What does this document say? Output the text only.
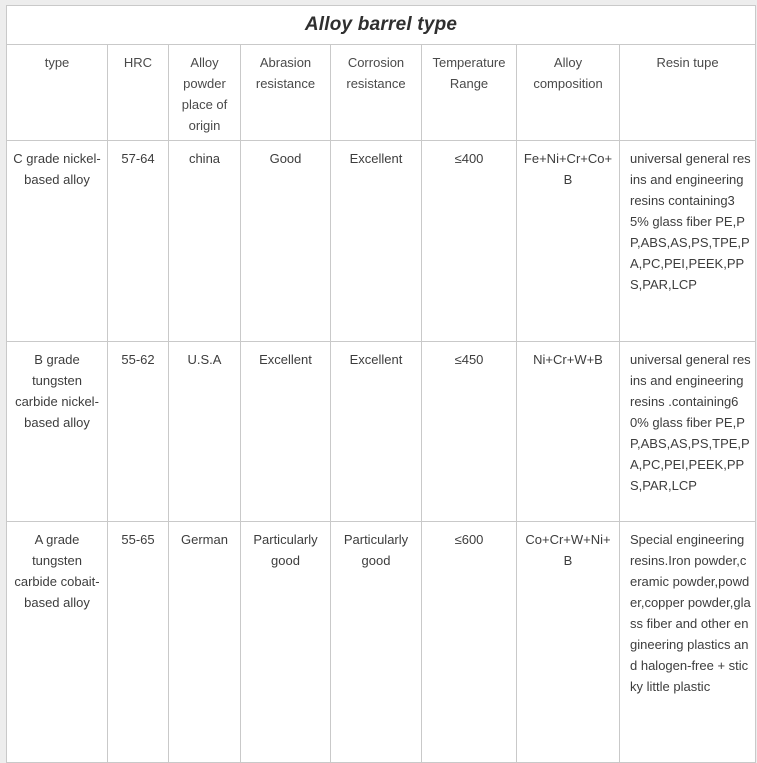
Alloy barrel type							
type	HRC	Alloy powder place of origin	Abrasion resistance	Corrosion resistance	Temperature Range	Alloy composition	Resin tupe
C grade nickel-based alloy	57-64	china	Good	Excellent	≤400	Fe+Ni+Cr+Co+B	universal general resins and engineering resins containing35% glass fiber PE,PP,ABS,AS,PS,TPE,PA,PC,PEI,PEEK,PPS,PAR,LCP
B grade tungsten carbide nickel-based alloy	55-62	U.S.A	Excellent	Excellent	≤450	Ni+Cr+W+B	universal general resins and engineering resins .containing60% glass fiber PE,PP,ABS,AS,PS,TPE,PA,PC,PEI,PEEK,PPS,PAR,LCP
A grade tungsten carbide cobait-based alloy	55-65	German	Particularly good	Particularly good	≤600	Co+Cr+W+Ni+B	Special engineering resins.Iron powder,ceramic powder,powder,copper powder,glass fiber and other engineering plastics and halogen-free + sticky little plastic
